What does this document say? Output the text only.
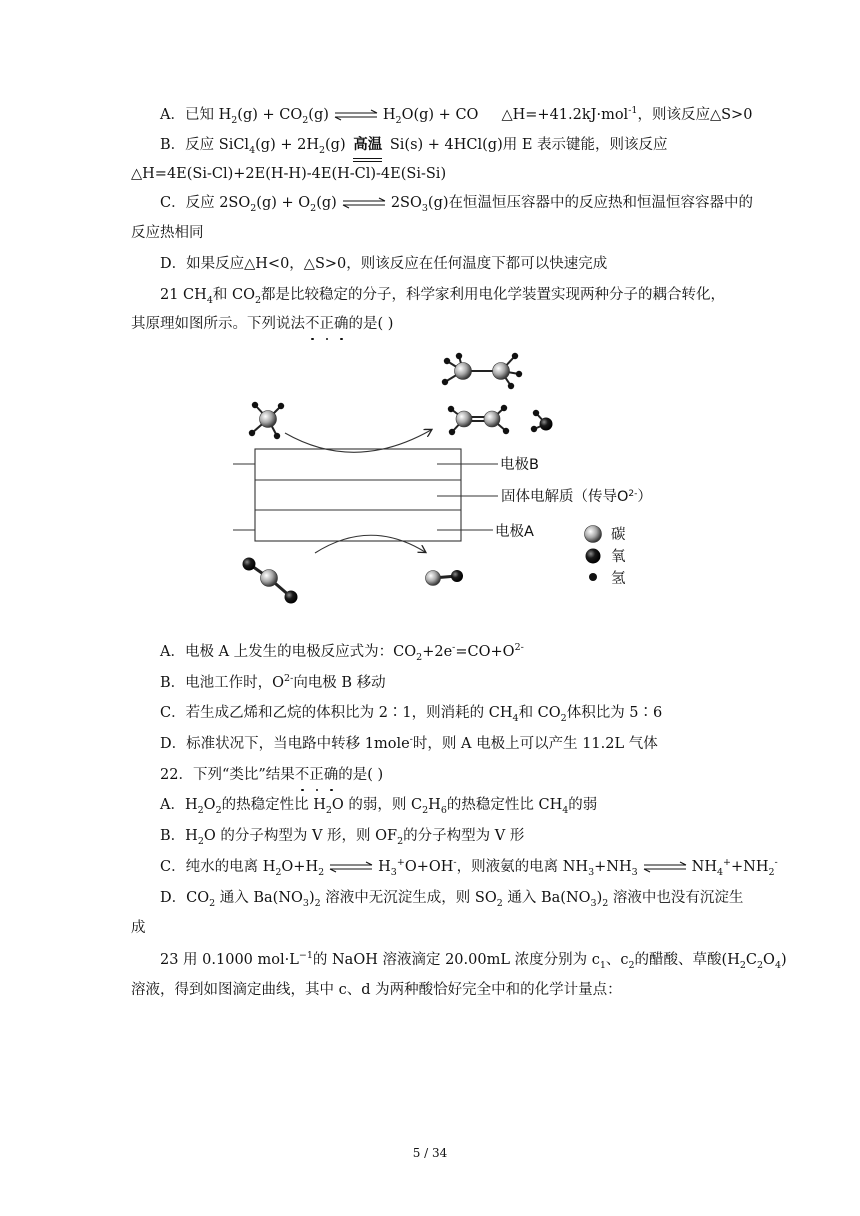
A．已知 $H_2(g) + CO_2(g)$ ⇌ $H_2O(g)$ + CO △H=+41.2kJ·mol$^{-1}$，则该反应△S>0
B．反应 SiCl$_4$(g) + $2H_2(g)$ 高温 Si(s) + 4HCl(g)用 E 表示键能，则该反应
△H=4E(Si-Cl)+2E(H-H)-4E(H-Cl)-4E(Si-Si)
C．反应 $2SO_2(g) + O_2(g)$ ⇌ $2SO_3(g)$在恒温恒压容器中的反应热和恒温恒容容器中的
反应热相同
D．如果反应△H<0，△S>0，则该反应在任何温度下都可以快速完成
21 $CH_4$和 $CO_2$都是比较稳定的分子，科学家利用电化学装置实现两种分子的耦合转化，
其原理如图所示。下列说法不正确的是( )
电极B
固体电解质（传导$O^{2-}$）
电极A	碳
氧
氢
A．电极 A 上发生的电极反应式为：$CO_2+2e^-=CO+O^{2-}$
B．电池工作时，$O^{2-}$向电极 B 移动
C．若生成乙烯和乙烷的体积比为 2∶1，则消耗的 $CH_4$和 $CO_2$体积比为 5∶6
D．标准状况下，当电路中转移 1mole-时，则 A 电极上可以产生 11.2L 气体
22．下列“类比”结果不正确的是( )
A．$H_2O_2$的热稳定性比 $H_2O$ 的弱，则 $C_2H_6$的热稳定性比 $CH_4$的弱
B．$H_2O$ 的分子构型为 V 形，则 $OF_2$的分子构型为 V 形
C．纯水的电离 $H_2O+H_2$ ⇌ $H_3^+O+OH^-$，则液氨的电离 $NH_3+NH_3$ ⇌ $NH_4^++NH_2^-$
D．$CO_2$ 通入 $Ba(NO_3)_2$ 溶液中无沉淀生成，则 $SO_2$ 通入 $Ba(NO_3)_2$ 溶液中也没有沉淀生
成
23 用 0.1000 $mol\cdot L^{-1}$的 NaOH 溶液滴定 20.00mL 浓度分别为 $c_1$、$c_2$的醋酸、草酸$(H_2C_2O_4)$
溶液，得到如图滴定曲线，其中 c、d 为两种酸恰好完全中和的化学计量点：
5 / 34
